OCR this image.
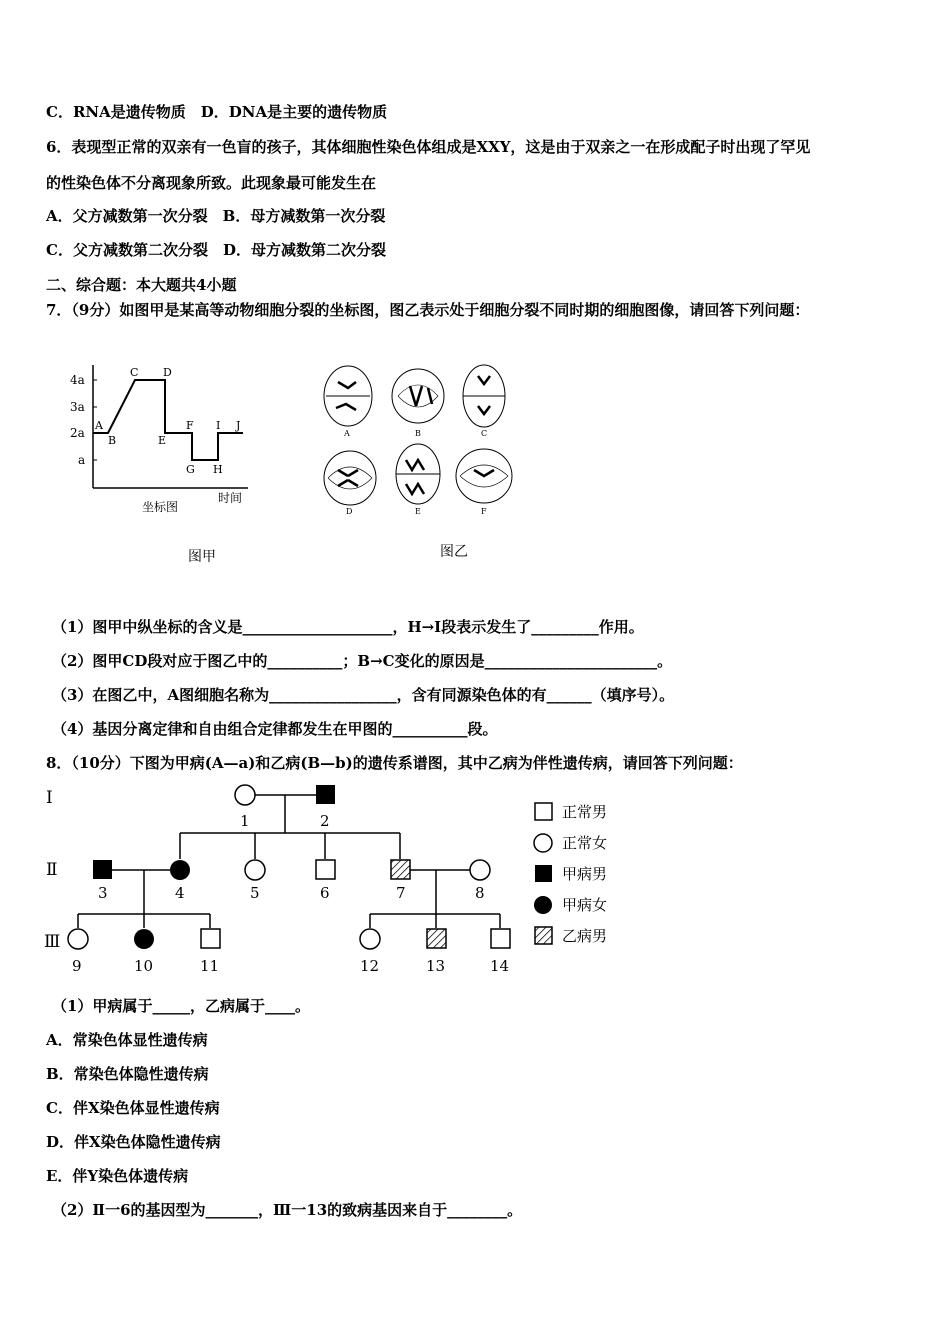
C．RNA是遗传物质　D．DNA是主要的遗传物质
6．表现型正常的双亲有一色盲的孩子，其体细胞性染色体组成是XXY，这是由于双亲之一在形成配子时出现了罕见
的性染色体不分离现象所致。此现象最可能发生在
A．父方减数第一次分裂　B．母方减数第一次分裂
C．父方减数第二次分裂　D．母方减数第二次分裂
二、综合题：本大题共4小题
7．（9分）如图甲是某高等动物细胞分裂的坐标图，图乙表示处于细胞分裂不同时期的细胞图像，请回答下列问题：
4a
3a
2a
a
A
B
C D
E
F
G H
I J
时间
坐标图
图甲
A	B	C
D	E	F
图乙
（1）图甲中纵坐标的含义是____________________，H→I段表示发生了_________作用。
（2）图甲CD段对应于图乙中的__________；B→C变化的原因是_______________________。
（3）在图乙中，A图细胞名称为_________________，含有同源染色体的有______（填序号）。
（4）基因分离定律和自由组合定律都发生在甲图的__________段。
8．（10分）下图为甲病(A—a)和乙病(B—b)的遗传系谱图，其中乙病为伴性遗传病，请回答下列问题：
Ⅰ
Ⅱ
Ⅲ
1	2
3	4	5	6	7	8
9	10	11	12	13	14
正常男
正常女
甲病男
甲病女
乙病男
（1）甲病属于_____，乙病属于____。
A．常染色体显性遗传病
B．常染色体隐性遗传病
C．伴X染色体显性遗传病
D．伴X染色体隐性遗传病
E．伴Y染色体遗传病
（2）Ⅱ一6的基因型为_______，Ⅲ一13的致病基因来自于________。
